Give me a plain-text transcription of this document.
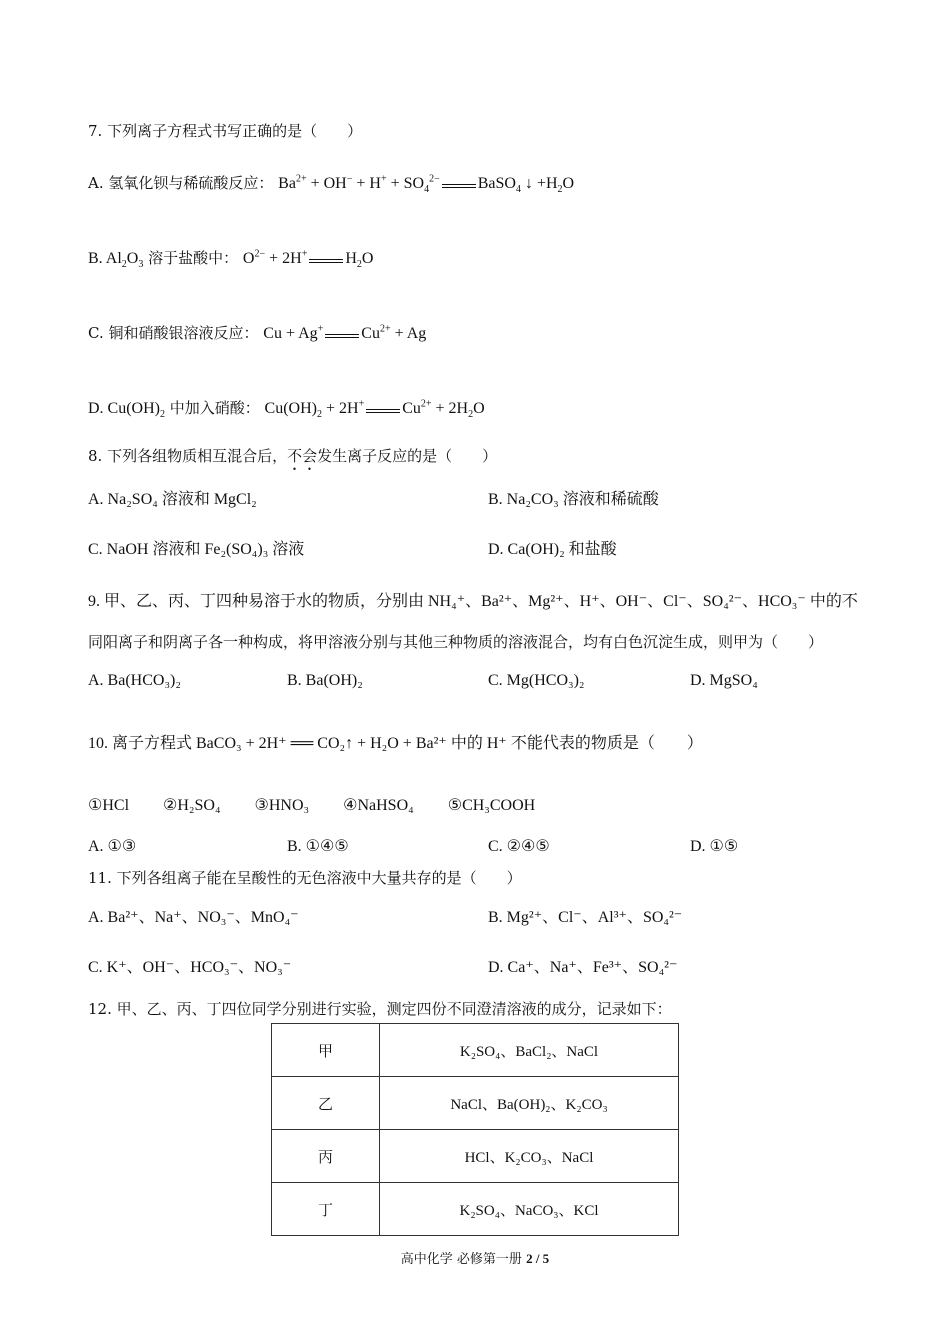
7. 下列离子方程式书写正确的是（　　）
A. 氢氧化钡与稀硫酸反应： $Ba^{2+} + OH^- + H^+ + SO_4^{2-}$ BaSO$_4$ ↓ $+H_2O$
B. $Al_2O_3$ 溶于盐酸中： $O^{2-} + 2H^+$ $H_2O$
C. 铜和硝酸银溶液反应： Cu + Ag+ $Cu^{2+} + Ag$
D. $Cu(OH)_2$ 中加入硝酸： $Cu(OH)_2 + 2H^+$ $Cu^{2+} + 2H_2O$
8. 下列各组物质相互混合后，不会发生离子反应的是（　　）
A. Na₂SO₄ 溶液和 MgCl₂	B. Na₂CO₃ 溶液和稀硫酸
C. NaOH 溶液和 Fe₂(SO₄)₃ 溶液	D. Ca(OH)₂ 和盐酸
9. 甲、乙、丙、丁四种易溶于水的物质，分别由 NH₄⁺、Ba²⁺、Mg²⁺、H⁺、OH⁻、Cl⁻、SO₄²⁻、HCO₃⁻ 中的不
同阳离子和阴离子各一种构成，将甲溶液分别与其他三种物质的溶液混合，均有白色沉淀生成，则甲为（　　）
A. Ba(HCO₃)₂	B. Ba(OH)₂	C. Mg(HCO₃)₂	D. MgSO₄
10. 离子方程式 BaCO₃ + 2H⁺ ══ CO₂↑ + H₂O + Ba²⁺ 中的 H⁺ 不能代表的物质是（　　）
①HCl ②H₂SO₄ ③HNO₃ ④NaHSO₄ ⑤CH₃COOH
A. ①③	B. ①④⑤	C. ②④⑤	D. ①⑤
11. 下列各组离子能在呈酸性的无色溶液中大量共存的是（　　）
A. Ba²⁺、Na⁺、NO₃⁻、MnO₄⁻	B. Mg²⁺、Cl⁻、Al³⁺、SO₄²⁻
C. K⁺、OH⁻、HCO₃⁻、NO₃⁻	D. Ca⁺、Na⁺、Fe³⁺、SO₄²⁻
12. 甲、乙、丙、丁四位同学分别进行实验，测定四份不同澄清溶液的成分，记录如下：
甲	K₂SO₄、BaCl₂、NaCl
乙	NaCl、Ba(OH)₂、K₂CO₃
丙	HCl、K₂CO₃、NaCl
丁	K₂SO₄、NaCO₃、KCl
高中化学 必修第一册 2 / 5
